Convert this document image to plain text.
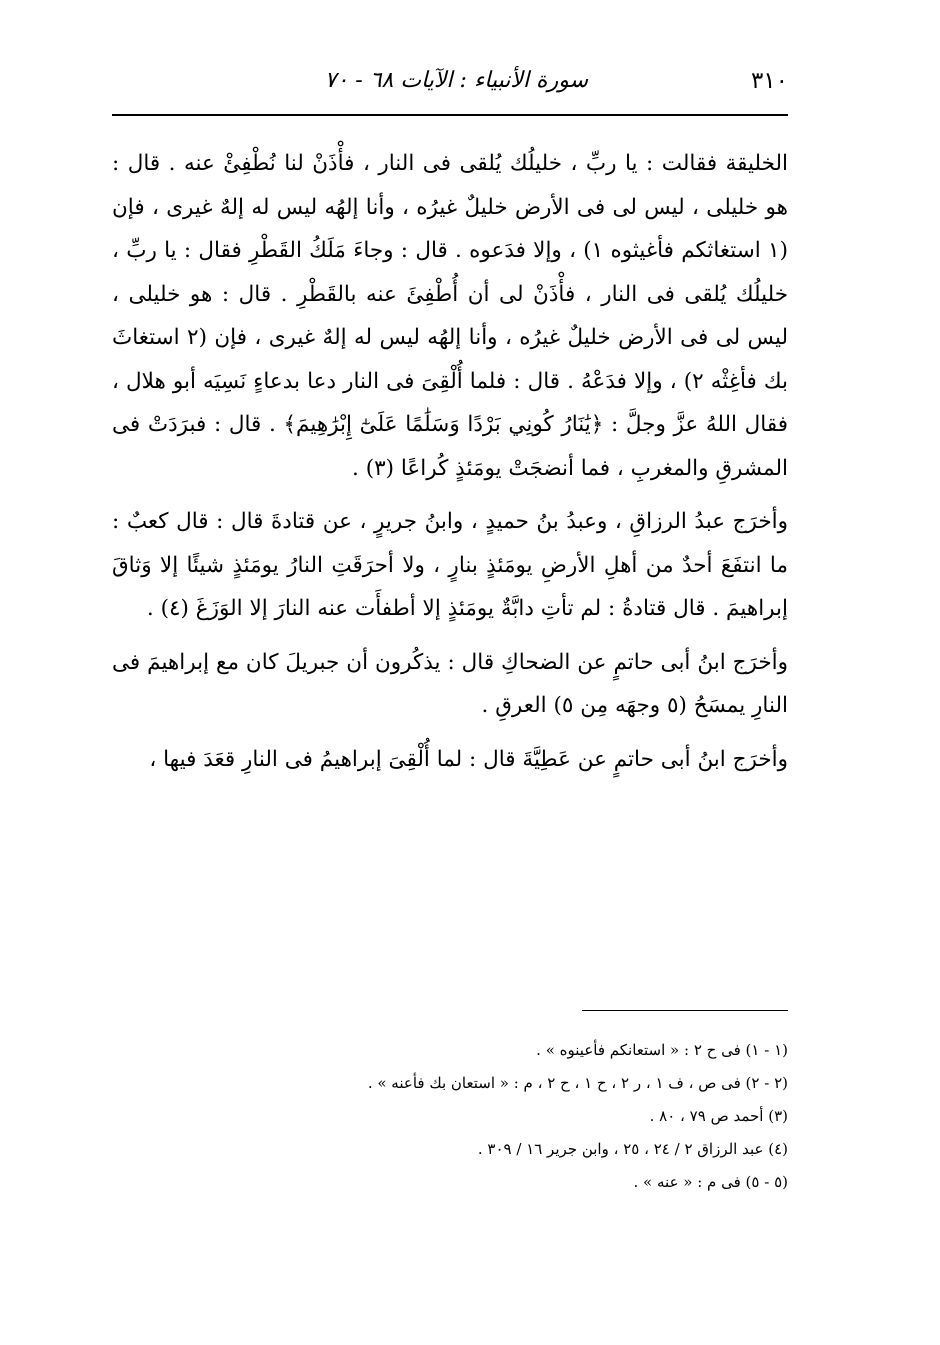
٣١٠
سورة الأنبياء : الآيات ٦٨ - ٧٠

الخليقة فقالت : يا ربِّ ، خليلُك يُلقى فى النار ، فأْذَنْ لنا نُطْفِئْ عنه . قال : هو خليلى ، ليس لى فى الأرض خليلٌ غيرُه ، وأنا إلهُه ليس له إلهٌ غيرى ، فإن (١ استغاثكم فأغيثوه ١) ، وإلا فدَعوه . قال : وجاءَ مَلَكُ القَطْرِ فقال : يا ربِّ ، خليلُك يُلقى فى النار ، فأْذَنْ لى أن أُطْفِئَ عنه بالقَطْرِ . قال : هو خليلى ، ليس لى فى الأرض خليلٌ غيرُه ، وأنا إلهُه ليس له إلهٌ غيرى ، فإن (٢ استغاثَ بك فأغِثْه ٢) ، وإلا فدَعْهُ . قال : فلما أُلْقِىَ فى النار دعا بدعاءٍ نَسِيَه أبو هلال ، فقال اللهُ عزَّ وجلَّ : ﴿يَٰنَارُ كُونِي بَرْدًا وَسَلَٰمًا عَلَىٰٓ إِبْرَٰهِيمَ﴾ . قال : فبرَدَتْ فى المشرقِ والمغربِ ، فما أنضجَتْ يومَئذٍ كُراعًا (٣) .

وأخرَج عبدُ الرزاقِ ، وعبدُ بنُ حميدٍ ، وابنُ جريرٍ ، عن قتادةَ قال : قال كعبٌ : ما انتفَعَ أحدٌ من أهلِ الأرضِ يومَئذٍ بنارٍ ، ولا أحرَقَتِ النارُ يومَئذٍ شيئًا إلا وَثاقَ إبراهيمَ . قال قتادةُ : لم تأتِ دابَّةٌ يومَئذٍ إلا أطفأَت عنه النارَ إلا الوَزَغَ (٤) .

وأخرَج ابنُ أبى حاتمٍ عن الضحاكِ قال : يذكُرون أن جبريلَ كان مع إبراهيمَ فى النارِ يمسَحُ (٥ وجهَه مِن ٥) العرقِ .

وأخرَج ابنُ أبى حاتمٍ عن عَطِيَّةَ قال : لما أُلْقِىَ إبراهيمُ فى النارِ قعَدَ فيها ،

(١ - ١) فى ح ٢ : « استعانكم فأعينوه » .
(٢ - ٢) فى ص ، ف ١ ، ر ٢ ، ح ١ ، ح ٢ ، م : « استعان بك فأعنه » .
(٣) أحمد ص ٧٩ ، ٨٠ .
(٤) عبد الرزاق ٢ / ٢٤ ، ٢٥ ، وابن جرير ١٦ / ٣٠٩ .
(٥ - ٥) فى م : « عنه » .
